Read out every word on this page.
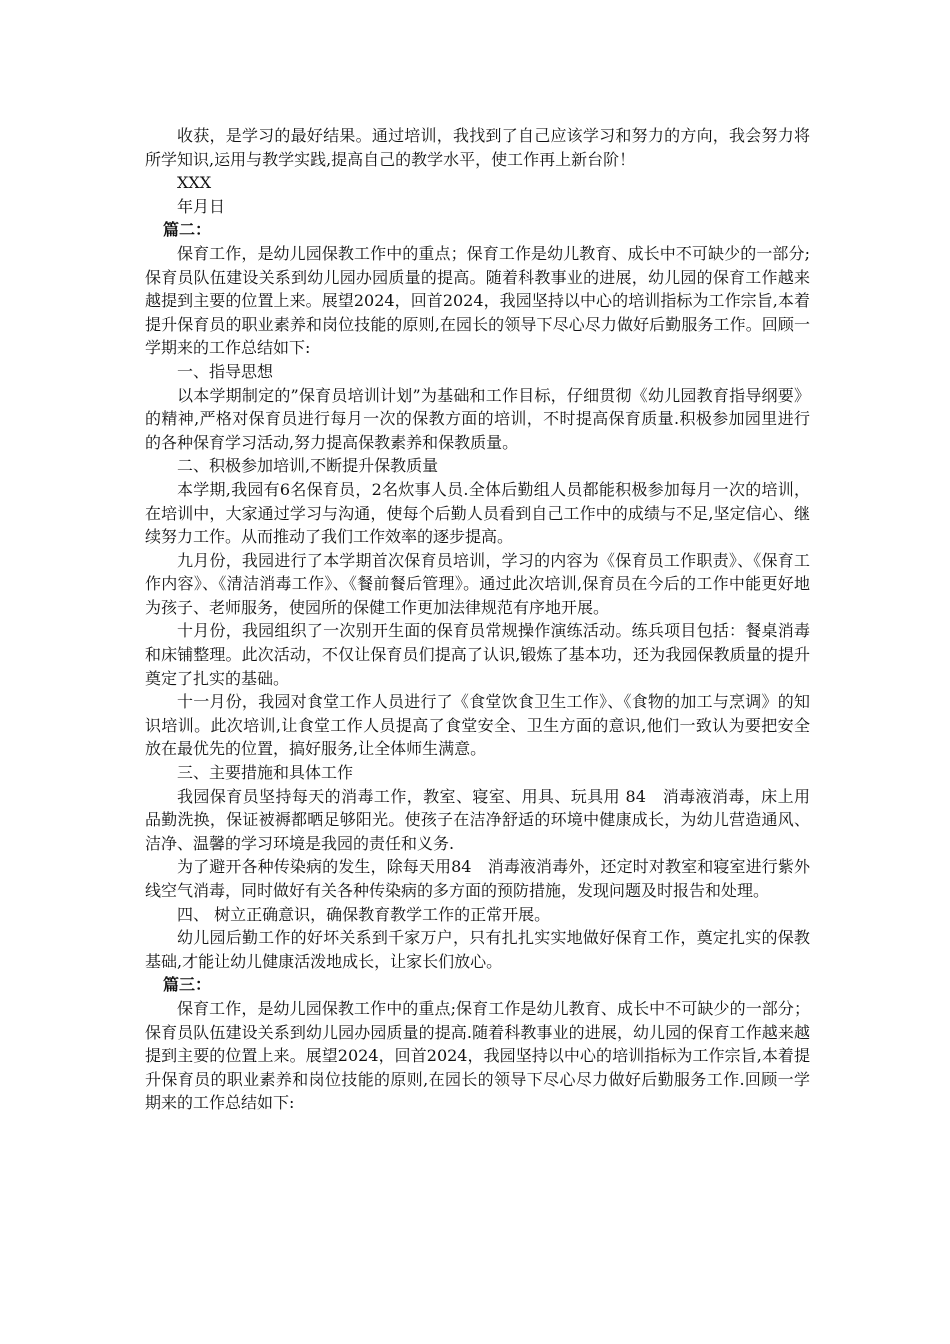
收获，是学习的最好结果。通过培训，我找到了自己应该学习和努力的方向，我会努力将所学知识,运用与教学实践,提高自己的教学水平，使工作再上新台阶！

XXX

年月日

篇二：

保育工作，是幼儿园保教工作中的重点；保育工作是幼儿教育、成长中不可缺少的一部分;保育员队伍建设关系到幼儿园办园质量的提高。随着科教事业的进展，幼儿园的保育工作越来越提到主要的位置上来。展望2024，回首2024，我园坚持以中心的培训指标为工作宗旨,本着提升保育员的职业素养和岗位技能的原则,在园长的领导下尽心尽力做好后勤服务工作。回顾一学期来的工作总结如下:

一、指导思想

以本学期制定的”保育员培训计划”为基础和工作目标，仔细贯彻《幼儿园教育指导纲要》的精神,严格对保育员进行每月一次的保教方面的培训，不时提高保育质量.积极参加园里进行的各种保育学习活动,努力提高保教素养和保教质量。

二、积极参加培训,不断提升保教质量

本学期,我园有6名保育员，2名炊事人员.全体后勤组人员都能积极参加每月一次的培训，在培训中，大家通过学习与沟通，使每个后勤人员看到自己工作中的成绩与不足,坚定信心、继续努力工作。从而推动了我们工作效率的逐步提高。

九月份，我园进行了本学期首次保育员培训，学习的内容为《保育员工作职责》、《保育工作内容》、《清洁消毒工作》、《餐前餐后管理》。通过此次培训,保育员在今后的工作中能更好地为孩子、老师服务，使园所的保健工作更加法律规范有序地开展。

十月份，我园组织了一次别开生面的保育员常规操作演练活动。练兵项目包括：餐桌消毒和床铺整理。此次活动，不仅让保育员们提高了认识,锻炼了基本功，还为我园保教质量的提升奠定了扎实的基础。

十一月份，我园对食堂工作人员进行了《食堂饮食卫生工作》、《食物的加工与烹调》的知识培训。此次培训,让食堂工作人员提高了食堂安全、卫生方面的意识,他们一致认为要把安全放在最优先的位置，搞好服务,让全体师生满意。

三、主要措施和具体工作

我园保育员坚持每天的消毒工作，教室、寝室、用具、玩具用 84　消毒液消毒，床上用品勤洗换，保证被褥都晒足够阳光。使孩子在洁净舒适的环境中健康成长，为幼儿营造通风、洁净、温馨的学习环境是我园的责任和义务.

为了避开各种传染病的发生，除每天用84　消毒液消毒外，还定时对教室和寝室进行紫外线空气消毒，同时做好有关各种传染病的多方面的预防措施，发现问题及时报告和处理。

四、 树立正确意识，确保教育教学工作的正常开展。

幼儿园后勤工作的好坏关系到千家万户，只有扎扎实实地做好保育工作，奠定扎实的保教基础,才能让幼儿健康活泼地成长，让家长们放心。

篇三：

保育工作，是幼儿园保教工作中的重点;保育工作是幼儿教育、成长中不可缺少的一部分；保育员队伍建设关系到幼儿园办园质量的提高.随着科教事业的进展，幼儿园的保育工作越来越提到主要的位置上来。展望2024，回首2024，我园坚持以中心的培训指标为工作宗旨,本着提升保育员的职业素养和岗位技能的原则,在园长的领导下尽心尽力做好后勤服务工作.回顾一学期来的工作总结如下:
